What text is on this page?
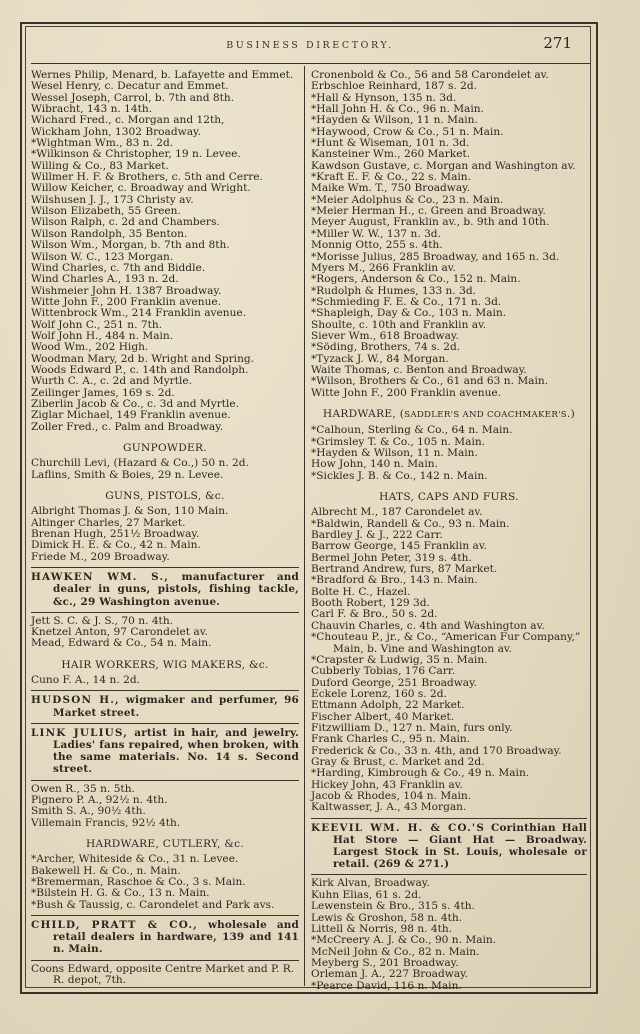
BUSINESS DIRECTORY.	271
Wernes Philip, Menard, b. Lafayette and Emmet.
Wesel Henry, c. Decatur and Emmet.
Wessel Joseph, Carrol, b. 7th and 8th.
Wibracht, 143 n. 14th.
Wichard Fred., c. Morgan and 12th,
Wickham John, 1302 Broadway.
*Wightman Wm., 83 n. 2d.
*Wilkinson & Christopher, 19 n. Levee.
Willing & Co., 83 Market.
Willmer H. F. & Brothers, c. 5th and Cerre.
Willow Keicher, c. Broadway and Wright.
Wilshusen J. J., 173 Christy av.
Wilson Elizabeth, 55 Green.
Wilson Ralph, c. 2d and Chambers.
Wilson Randolph, 35 Benton.
Wilson Wm., Morgan, b. 7th and 8th.
Wilson W. C., 123 Morgan.
Wind Charles, c. 7th and Biddle.
Wind Charles A., 193 n. 2d.
Wishmeier John H. 1387 Broadway.
Witte John F., 200 Franklin avenue.
Wittenbrock Wm., 214 Franklin avenue.
Wolf John C., 251 n. 7th.
Wolf John H., 484 n. Main.
Wood Wm., 202 High.
Woodman Mary, 2d b. Wright and Spring.
Woods Edward P., c. 14th and Randolph.
Wurth C. A., c. 2d and Myrtle.
Zeilinger James, 169 s. 2d.
Ziberlin Jacob & Co., c. 3d and Myrtle.
Ziglar Michael, 149 Franklin avenue.
Zoller Fred., c. Palm and Broadway.
GUNPOWDER.
Churchill Levi, (Hazard & Co.,) 50 n. 2d.
Laflins, Smith & Boies, 29 n. Levee.
GUNS, PISTOLS, &c.
Albright Thomas J. & Son, 110 Main.
Altinger Charles, 27 Market.
Brenan Hugh, 251½ Broadway.
Dimick H. E. & Co., 42 n. Main.
Friede M., 209 Broadway.
HAWKEN WM. S., manufacturer and dealer in guns, pistols, fishing tackle, &c., 29 Washington avenue.
Jett S. C. & J. S., 70 n. 4th.
Knetzel Anton, 97 Carondelet av.
Mead, Edward & Co., 54 n. Main.
HAIR WORKERS, WIG MAKERS, &c.
Cuno F. A., 14 n. 2d.
HUDSON H., wigmaker and perfumer, 96 Market street.
LINK JULIUS, artist in hair, and jewelry. Ladies' fans repaired, when broken, with the same materials. No. 14 s. Second street.
Owen R., 35 n. 5th.
Pignero P. A., 92½ n. 4th.
Smith S. A., 90½ 4th.
Villemain Francis, 92½ 4th.
HARDWARE, CUTLERY, &c.
*Archer, Whiteside & Co., 31 n. Levee.
Bakewell H. & Co., n. Main.
*Bremerman, Raschoe & Co., 3 s. Main.
*Bilstein H. G. & Co., 13 n. Main.
*Bush & Taussig, c. Carondelet and Park avs.
CHILD, PRATT & CO., wholesale and retail dealers in hardware, 139 and 141 n. Main.
Coons Edward, opposite Centre Market and P. R. R. depot, 7th.
Cronenbold & Co., 56 and 58 Carondelet av.
Erbschloe Reinhard, 187 s. 2d.
*Hall & Hynson, 135 n. 3d.
*Hall John H. & Co., 96 n. Main.
*Hayden & Wilson, 11 n. Main.
*Haywood, Crow & Co., 51 n. Main.
*Hunt & Wiseman, 101 n. 3d.
Kansteiner Wm., 260 Market.
Kawdson Gustave, c. Morgan and Washington av.
*Kraft E. F. & Co., 22 s. Main.
Maike Wm. T., 750 Broadway.
*Meier Adolphus & Co., 23 n. Main.
*Meier Herman H., c. Green and Broadway.
Meyer August, Franklin av., b. 9th and 10th.
*Miller W. W., 137 n. 3d.
Monnig Otto, 255 s. 4th.
*Morisse Julius, 285 Broadway, and 165 n. 3d.
Myers M., 266 Franklin av.
*Rogers, Anderson & Co., 152 n. Main.
*Rudolph & Humes, 133 n. 3d.
*Schmieding F. E. & Co., 171 n. 3d.
*Shapleigh, Day & Co., 103 n. Main.
Shoulte, c. 10th and Franklin av.
Siever Wm., 618 Broadway.
*Söding, Brothers, 74 s. 2d.
*Tyzack J. W., 84 Morgan.
Waite Thomas, c. Benton and Broadway.
*Wilson, Brothers & Co., 61 and 63 n. Main.
Witte John F., 200 Franklin avenue.
HARDWARE, (SADDLER'S AND COACHMAKER'S.)
*Calhoun, Sterling & Co., 64 n. Main.
*Grimsley T. & Co., 105 n. Main.
*Hayden & Wilson, 11 n. Main.
How John, 140 n. Main.
*Sickles J. B. & Co., 142 n. Main.
HATS, CAPS AND FURS.
Albrecht M., 187 Carondelet av.
*Baldwin, Randell & Co., 93 n. Main.
Bardley J. & J., 222 Carr.
Barrow George, 145 Franklin av.
Bermel John Peter, 319 s. 4th.
Bertrand Andrew, furs, 87 Market.
*Bradford & Bro., 143 n. Main.
Bolte H. C., Hazel.
Booth Robert, 129 3d.
Carl F. & Bro., 50 s. 2d.
Chauvin Charles, c. 4th and Washington av.
*Chouteau P., jr., & Co., “American Fur Company,” Main, b. Vine and Washington av.
*Crapster & Ludwig, 35 n. Main.
Cubberly Tobias, 176 Carr.
Duford George, 251 Broadway.
Eckele Lorenz, 160 s. 2d.
Ettmann Adolph, 22 Market.
Fischer Albert, 40 Market.
Fitzwilliam D., 127 n. Main, furs only.
Frank Charles C., 95 n. Main.
Frederick & Co., 33 n. 4th, and 170 Broadway.
Gray & Brust, c. Market and 2d.
*Harding, Kimbrough & Co., 49 n. Main.
Hickey John, 43 Franklin av.
Jacob & Rhodes, 104 n. Main.
Kaltwasser, J. A., 43 Morgan.
KEEVIL WM. H. & CO.'S Corinthian Hall Hat Store — Giant Hat — Broadway. Largest Stock in St. Louis, wholesale or retail. (269 & 271.)
Kirk Alvan, Broadway.
Kuhn Elias, 61 s. 2d.
Lewenstein & Bro., 315 s. 4th.
Lewis & Groshon, 58 n. 4th.
Littell & Norris, 98 n. 4th.
*McCreery A. J. & Co., 90 n. Main.
McNeil John & Co., 82 n. Main.
Meyberg S., 201 Broadway.
Orleman J. A., 227 Broadway.
*Pearce David, 116 n. Main.
